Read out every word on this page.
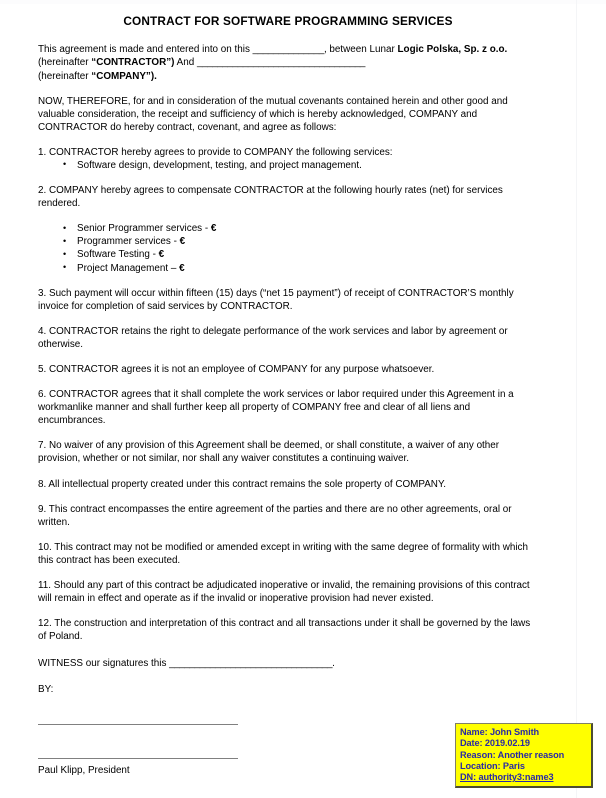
CONTRACT FOR SOFTWARE PROGRAMMING SERVICES

This agreement is made and entered into on this ______________, between Lunar Logic Polska, Sp. z o.o.
(hereinafter “CONTRACTOR”) And _________________________________
(hereinafter “COMPANY”).

NOW, THEREFORE, for and in consideration of the mutual covenants contained herein and other good and valuable consideration, the receipt and sufficiency of which is hereby acknowledged, COMPANY and CONTRACTOR do hereby contract, covenant, and agree as follows:

1. CONTRACTOR hereby agrees to provide to COMPANY the following services:

• Software design, development, testing, and project management.

2. COMPANY hereby agrees to compensate CONTRACTOR at the following hourly rates (net) for services rendered.

• Senior Programmer services - €
• Programmer services - €
• Software Testing - €
• Project Management – €

3. Such payment will occur within fifteen (15) days (“net 15 payment”) of receipt of CONTRACTOR’S monthly invoice for completion of said services by CONTRACTOR.

4. CONTRACTOR retains the right to delegate performance of the work services and labor by agreement or otherwise.

5. CONTRACTOR agrees it is not an employee of COMPANY for any purpose whatsoever.

6. CONTRACTOR agrees that it shall complete the work services or labor required under this Agreement in a workmanlike manner and shall further keep all property of COMPANY free and clear of all liens and encumbrances.

7. No waiver of any provision of this Agreement shall be deemed, or shall constitute, a waiver of any other provision, whether or not similar, nor shall any waiver constitutes a continuing waiver.

8. All intellectual property created under this contract remains the sole property of COMPANY.

9. This contract encompasses the entire agreement of the parties and there are no other agreements, oral or written.

10. This contract may not be modified or amended except in writing with the same degree of formality with which this contract has been executed.

11. Should any part of this contract be adjudicated inoperative or invalid, the remaining provisions of this contract will remain in effect and operate as if the invalid or inoperative provision had never existed.

12. The construction and interpretation of this contract and all transactions under it shall be governed by the laws of Poland.

WITNESS our signatures this ________________________________.

BY:

Paul Klipp, President

Name: John Smith
Date: 2019.02.19
Reason: Another reason
Location: Paris
DN: authority3:name3
